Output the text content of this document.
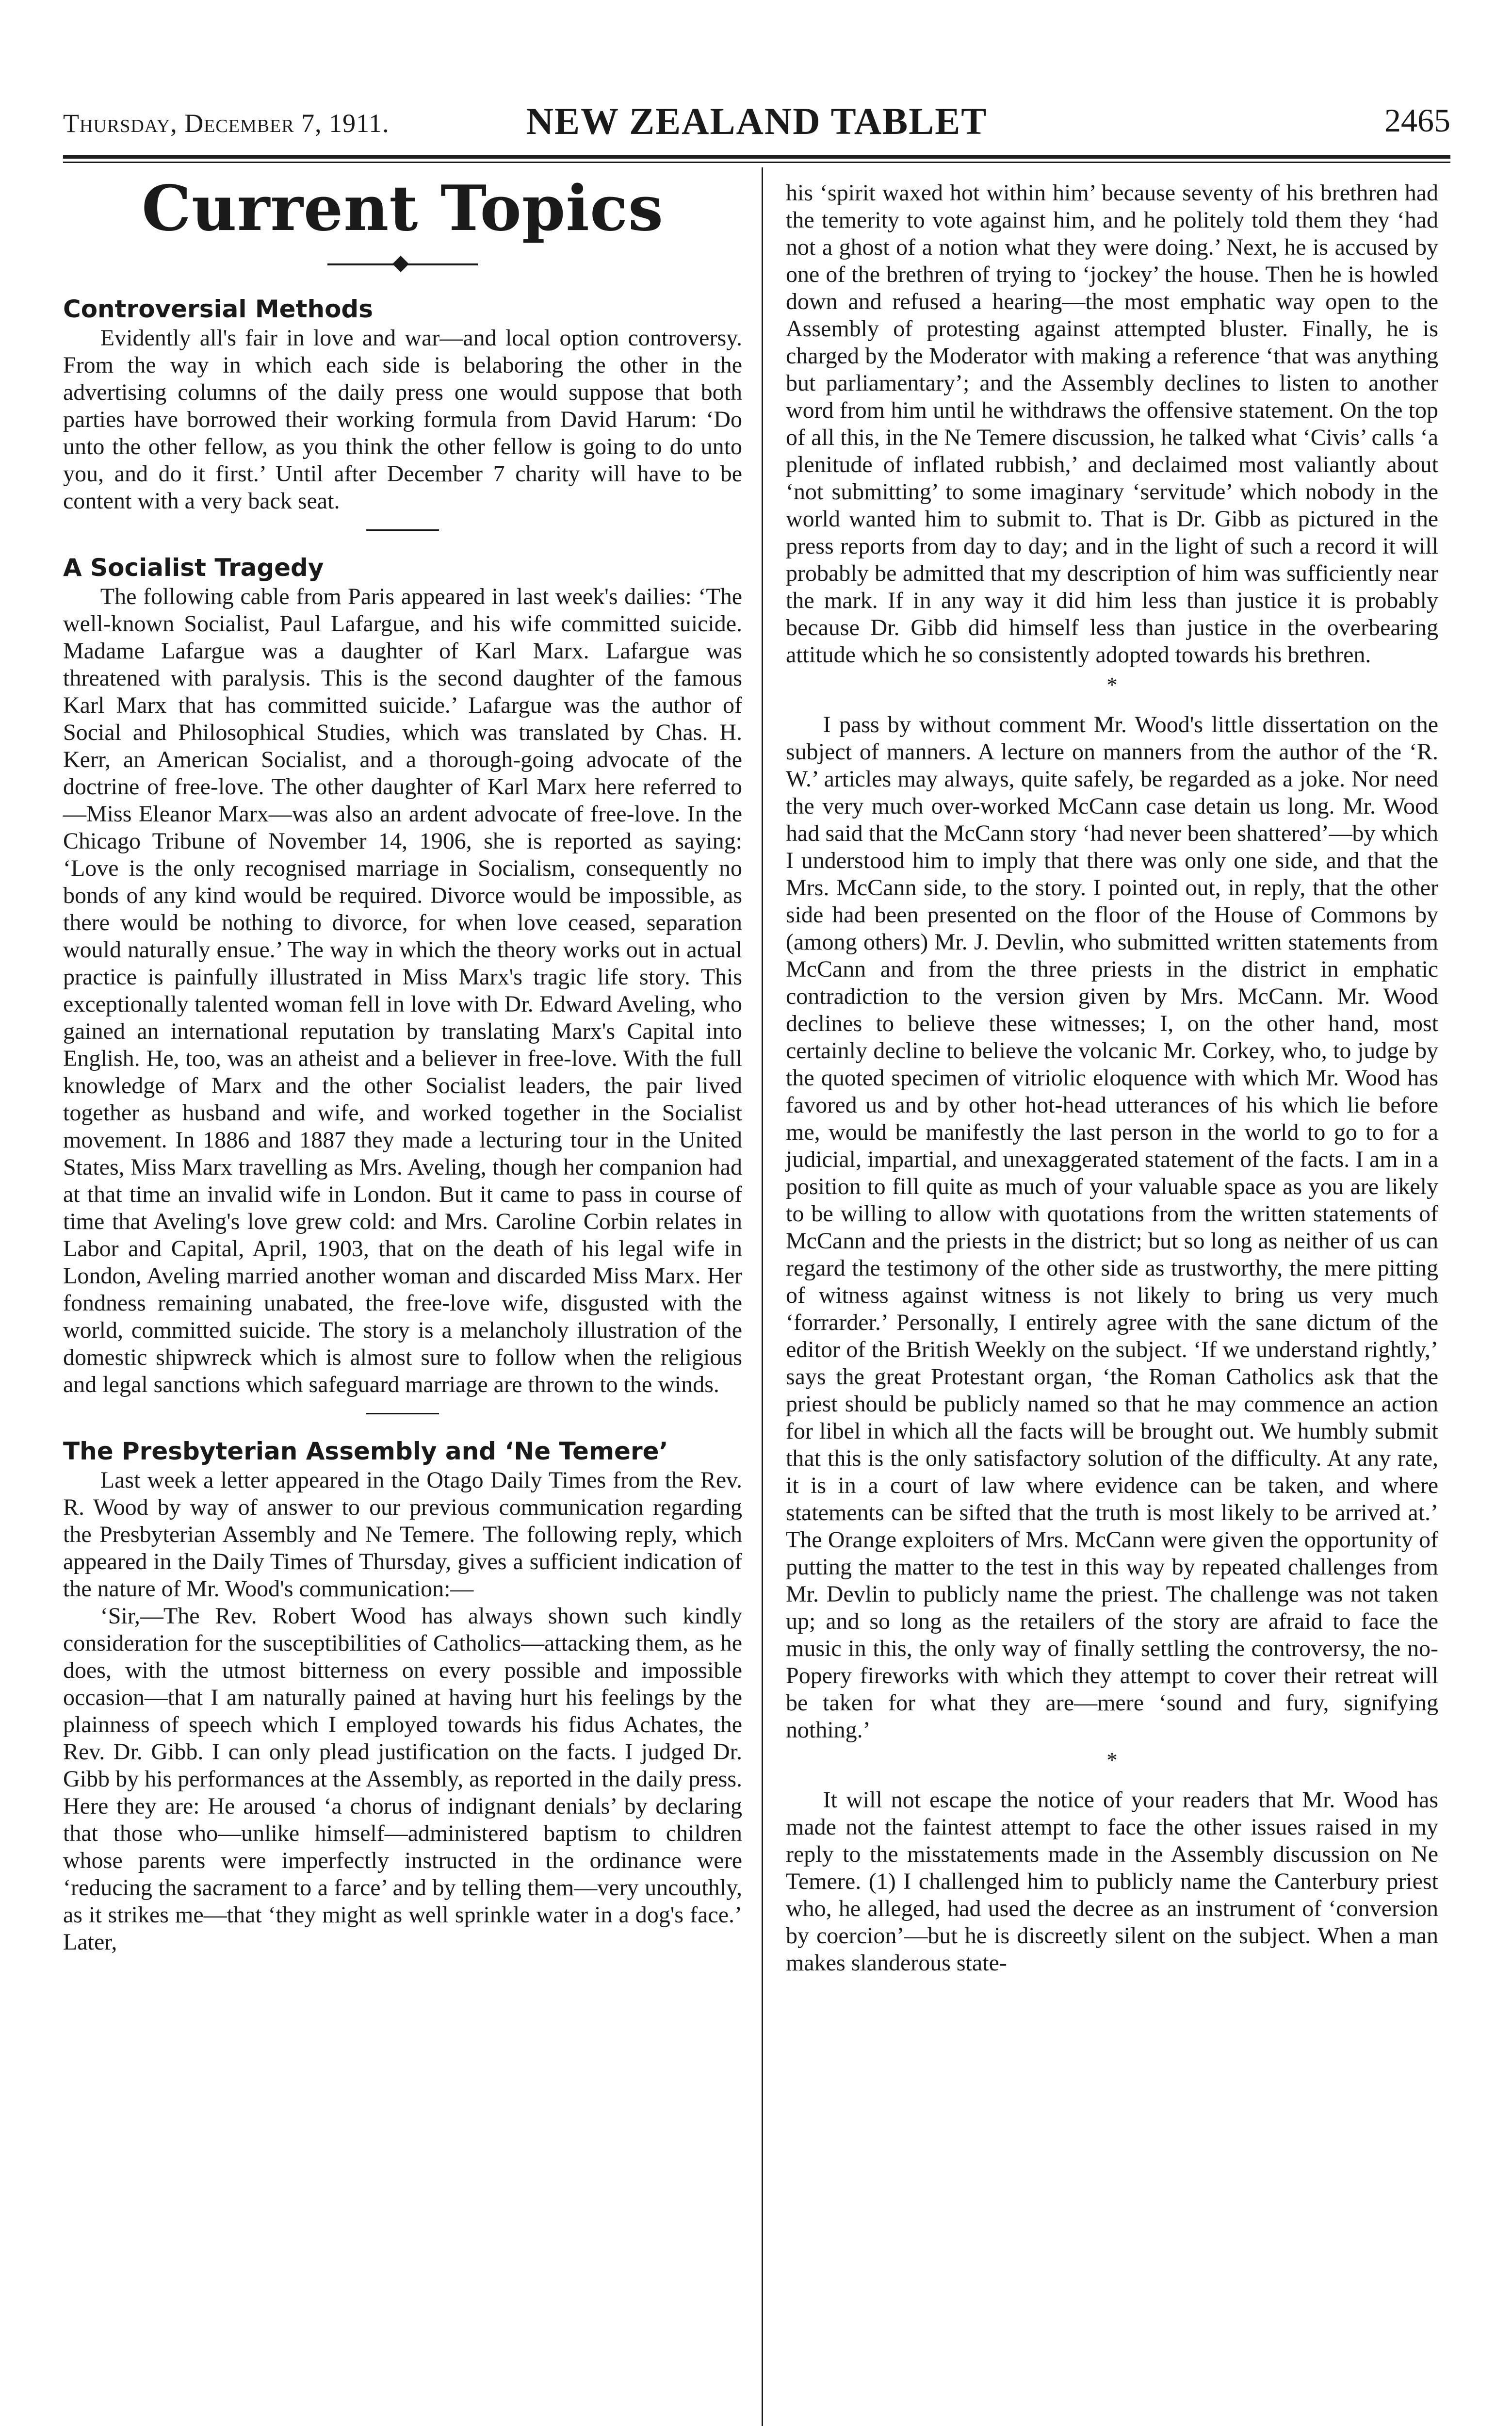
Thursday, December 7, 1911.	NEW ZEALAND TABLET	2465
Current Topics
Controversial Methods

Evidently all's fair in love and war—and local option controversy. From the way in which each side is belaboring the other in the advertising columns of the daily press one would suppose that both parties have borrowed their working formula from David Harum: ‘Do unto the other fellow, as you think the other fellow is going to do unto you, and do it first.’ Until after December 7 charity will have to be content with a very back seat.

A Socialist Tragedy

The following cable from Paris appeared in last week's dailies: ‘The well-known Socialist, Paul Lafargue, and his wife committed suicide. Madame Lafargue was a daughter of Karl Marx. Lafargue was threatened with paralysis. This is the second daughter of the famous Karl Marx that has committed suicide.’ Lafargue was the author of Social and Philosophical Studies, which was translated by Chas. H. Kerr, an American Socialist, and a thorough-going advocate of the doctrine of free-love. The other daughter of Karl Marx here referred to—Miss Eleanor Marx—was also an ardent advocate of free-love. In the Chicago Tribune of November 14, 1906, she is reported as saying: ‘Love is the only recognised marriage in Socialism, consequently no bonds of any kind would be required. Divorce would be impossible, as there would be nothing to divorce, for when love ceased, separation would naturally ensue.’ The way in which the theory works out in actual practice is painfully illustrated in Miss Marx's tragic life story. This exceptionally talented woman fell in love with Dr. Edward Aveling, who gained an international reputation by translating Marx's Capital into English. He, too, was an atheist and a believer in free-love. With the full knowledge of Marx and the other Socialist leaders, the pair lived together as husband and wife, and worked together in the Socialist movement. In 1886 and 1887 they made a lecturing tour in the United States, Miss Marx travelling as Mrs. Aveling, though her companion had at that time an invalid wife in London. But it came to pass in course of time that Aveling's love grew cold: and Mrs. Caroline Corbin relates in Labor and Capital, April, 1903, that on the death of his legal wife in London, Aveling married another woman and discarded Miss Marx. Her fondness remaining unabated, the free-love wife, disgusted with the world, committed suicide. The story is a melancholy illustration of the domestic shipwreck which is almost sure to follow when the religious and legal sanctions which safeguard marriage are thrown to the winds.

The Presbyterian Assembly and ‘Ne Temere’

Last week a letter appeared in the Otago Daily Times from the Rev. R. Wood by way of answer to our previous communication regarding the Presbyterian Assembly and Ne Temere. The following reply, which appeared in the Daily Times of Thursday, gives a sufficient indication of the nature of Mr. Wood's communication:—

‘Sir,—The Rev. Robert Wood has always shown such kindly consideration for the susceptibilities of Catholics—attacking them, as he does, with the utmost bitterness on every possible and impossible occasion—that I am naturally pained at having hurt his feelings by the plainness of speech which I employed towards his fidus Achates, the Rev. Dr. Gibb. I can only plead justification on the facts. I judged Dr. Gibb by his performances at the Assembly, as reported in the daily press. Here they are: He aroused ‘a chorus of indignant denials’ by declaring that those who—unlike himself—administered baptism to children whose parents were imperfectly instructed in the ordinance were ‘reducing the sacrament to a farce’ and by telling them—very uncouthly, as it strikes me—that ‘they might as well sprinkle water in a dog's face.’ Later,

his ‘spirit waxed hot within him’ because seventy of his brethren had the temerity to vote against him, and he politely told them they ‘had not a ghost of a notion what they were doing.’ Next, he is accused by one of the brethren of trying to ‘jockey’ the house. Then he is howled down and refused a hearing—the most emphatic way open to the Assembly of protesting against attempted bluster. Finally, he is charged by the Moderator with making a reference ‘that was anything but parliamentary’; and the Assembly declines to listen to another word from him until he withdraws the offensive statement. On the top of all this, in the Ne Temere discussion, he talked what ‘Civis’ calls ‘a plenitude of inflated rubbish,’ and declaimed most valiantly about ‘not submitting’ to some imaginary ‘servitude’ which nobody in the world wanted him to submit to. That is Dr. Gibb as pictured in the press reports from day to day; and in the light of such a record it will probably be admitted that my description of him was sufficiently near the mark. If in any way it did him less than justice it is probably because Dr. Gibb did himself less than justice in the overbearing attitude which he so consistently adopted towards his brethren.

*

I pass by without comment Mr. Wood's little dissertation on the subject of manners. A lecture on manners from the author of the ‘R. W.’ articles may always, quite safely, be regarded as a joke. Nor need the very much over-worked McCann case detain us long. Mr. Wood had said that the McCann story ‘had never been shattered’—by which I understood him to imply that there was only one side, and that the Mrs. McCann side, to the story. I pointed out, in reply, that the other side had been presented on the floor of the House of Commons by (among others) Mr. J. Devlin, who submitted written statements from McCann and from the three priests in the district in emphatic contradiction to the version given by Mrs. McCann. Mr. Wood declines to believe these witnesses; I, on the other hand, most certainly decline to believe the volcanic Mr. Corkey, who, to judge by the quoted specimen of vitriolic eloquence with which Mr. Wood has favored us and by other hot-head utterances of his which lie before me, would be manifestly the last person in the world to go to for a judicial, impartial, and unexaggerated statement of the facts. I am in a position to fill quite as much of your valuable space as you are likely to be willing to allow with quotations from the written statements of McCann and the priests in the district; but so long as neither of us can regard the testimony of the other side as trustworthy, the mere pitting of witness against witness is not likely to bring us very much ‘forrarder.’ Personally, I entirely agree with the sane dictum of the editor of the British Weekly on the subject. ‘If we understand rightly,’ says the great Protestant organ, ‘the Roman Catholics ask that the priest should be publicly named so that he may commence an action for libel in which all the facts will be brought out. We humbly submit that this is the only satisfactory solution of the difficulty. At any rate, it is in a court of law where evidence can be taken, and where statements can be sifted that the truth is most likely to be arrived at.’ The Orange exploiters of Mrs. McCann were given the opportunity of putting the matter to the test in this way by repeated challenges from Mr. Devlin to publicly name the priest. The challenge was not taken up; and so long as the retailers of the story are afraid to face the music in this, the only way of finally settling the controversy, the no-Popery fireworks with which they attempt to cover their retreat will be taken for what they are—mere ‘sound and fury, signifying nothing.’

*

It will not escape the notice of your readers that Mr. Wood has made not the faintest attempt to face the other issues raised in my reply to the misstatements made in the Assembly discussion on Ne Temere. (1) I challenged him to publicly name the Canterbury priest who, he alleged, had used the decree as an instrument of ‘conversion by coercion’—but he is discreetly silent on the subject. When a man makes slanderous state-
